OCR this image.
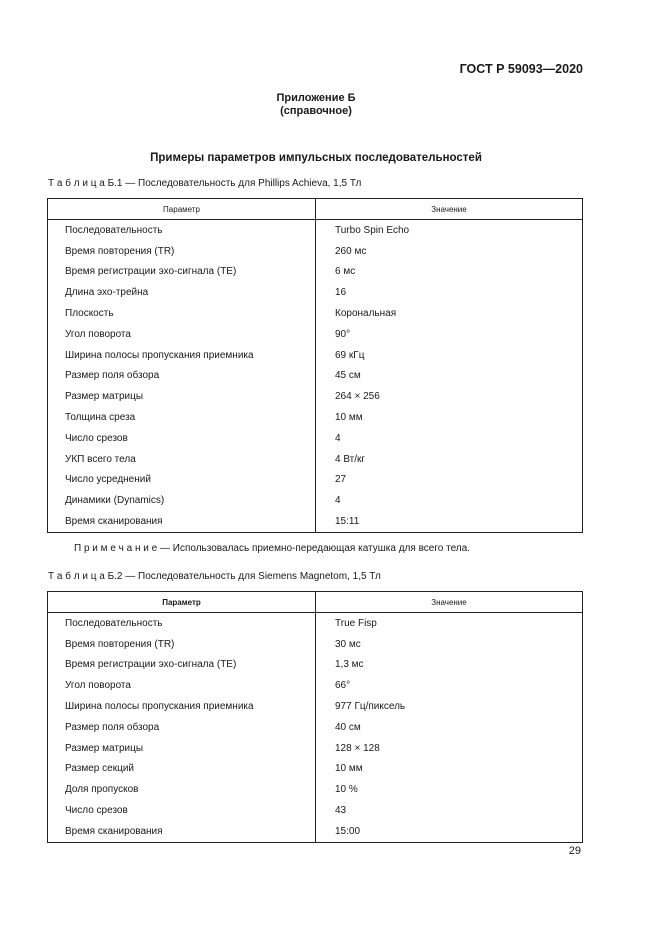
ГОСТ Р 59093—2020
Приложение Б
(справочное)
Примеры параметров импульсных последовательностей
Т а б л и ц а Б.1 — Последовательность для Phillips Achieva, 1,5 Тл
Параметр	Значение
Последовательность	Turbo Spin Echo
Время повторения (TR)	260 мс
Время регистрации эхо-сигнала (TE)	6 мс
Длина эхо-трейна	16
Плоскость	Корональная
Угол поворота	90°
Ширина полосы пропускания приемника	69 кГц
Размер поля обзора	45 см
Размер матрицы	264 × 256
Толщина среза	10 мм
Число срезов	4
УКП всего тела	4 Вт/кг
Число усреднений	27
Динамики (Dynamics)	4
Время сканирования	15:11
П р и м е ч а н и е — Использовалась приемно-передающая катушка для всего тела.
Т а б л и ц а Б.2 — Последовательность для Siemens Magnetom, 1,5 Тл
Параметр	Значение
Последовательность	True Fisp
Время повторения (TR)	30 мс
Время регистрации эхо-сигнала (TE)	1,3 мс
Угол поворота	66°
Ширина полосы пропускания приемника	977 Гц/пиксель
Размер поля обзора	40 см
Размер матрицы	128 × 128
Размер секций	10 мм
Доля пропусков	10 %
Число срезов	43
Время сканирования	15:00
29
